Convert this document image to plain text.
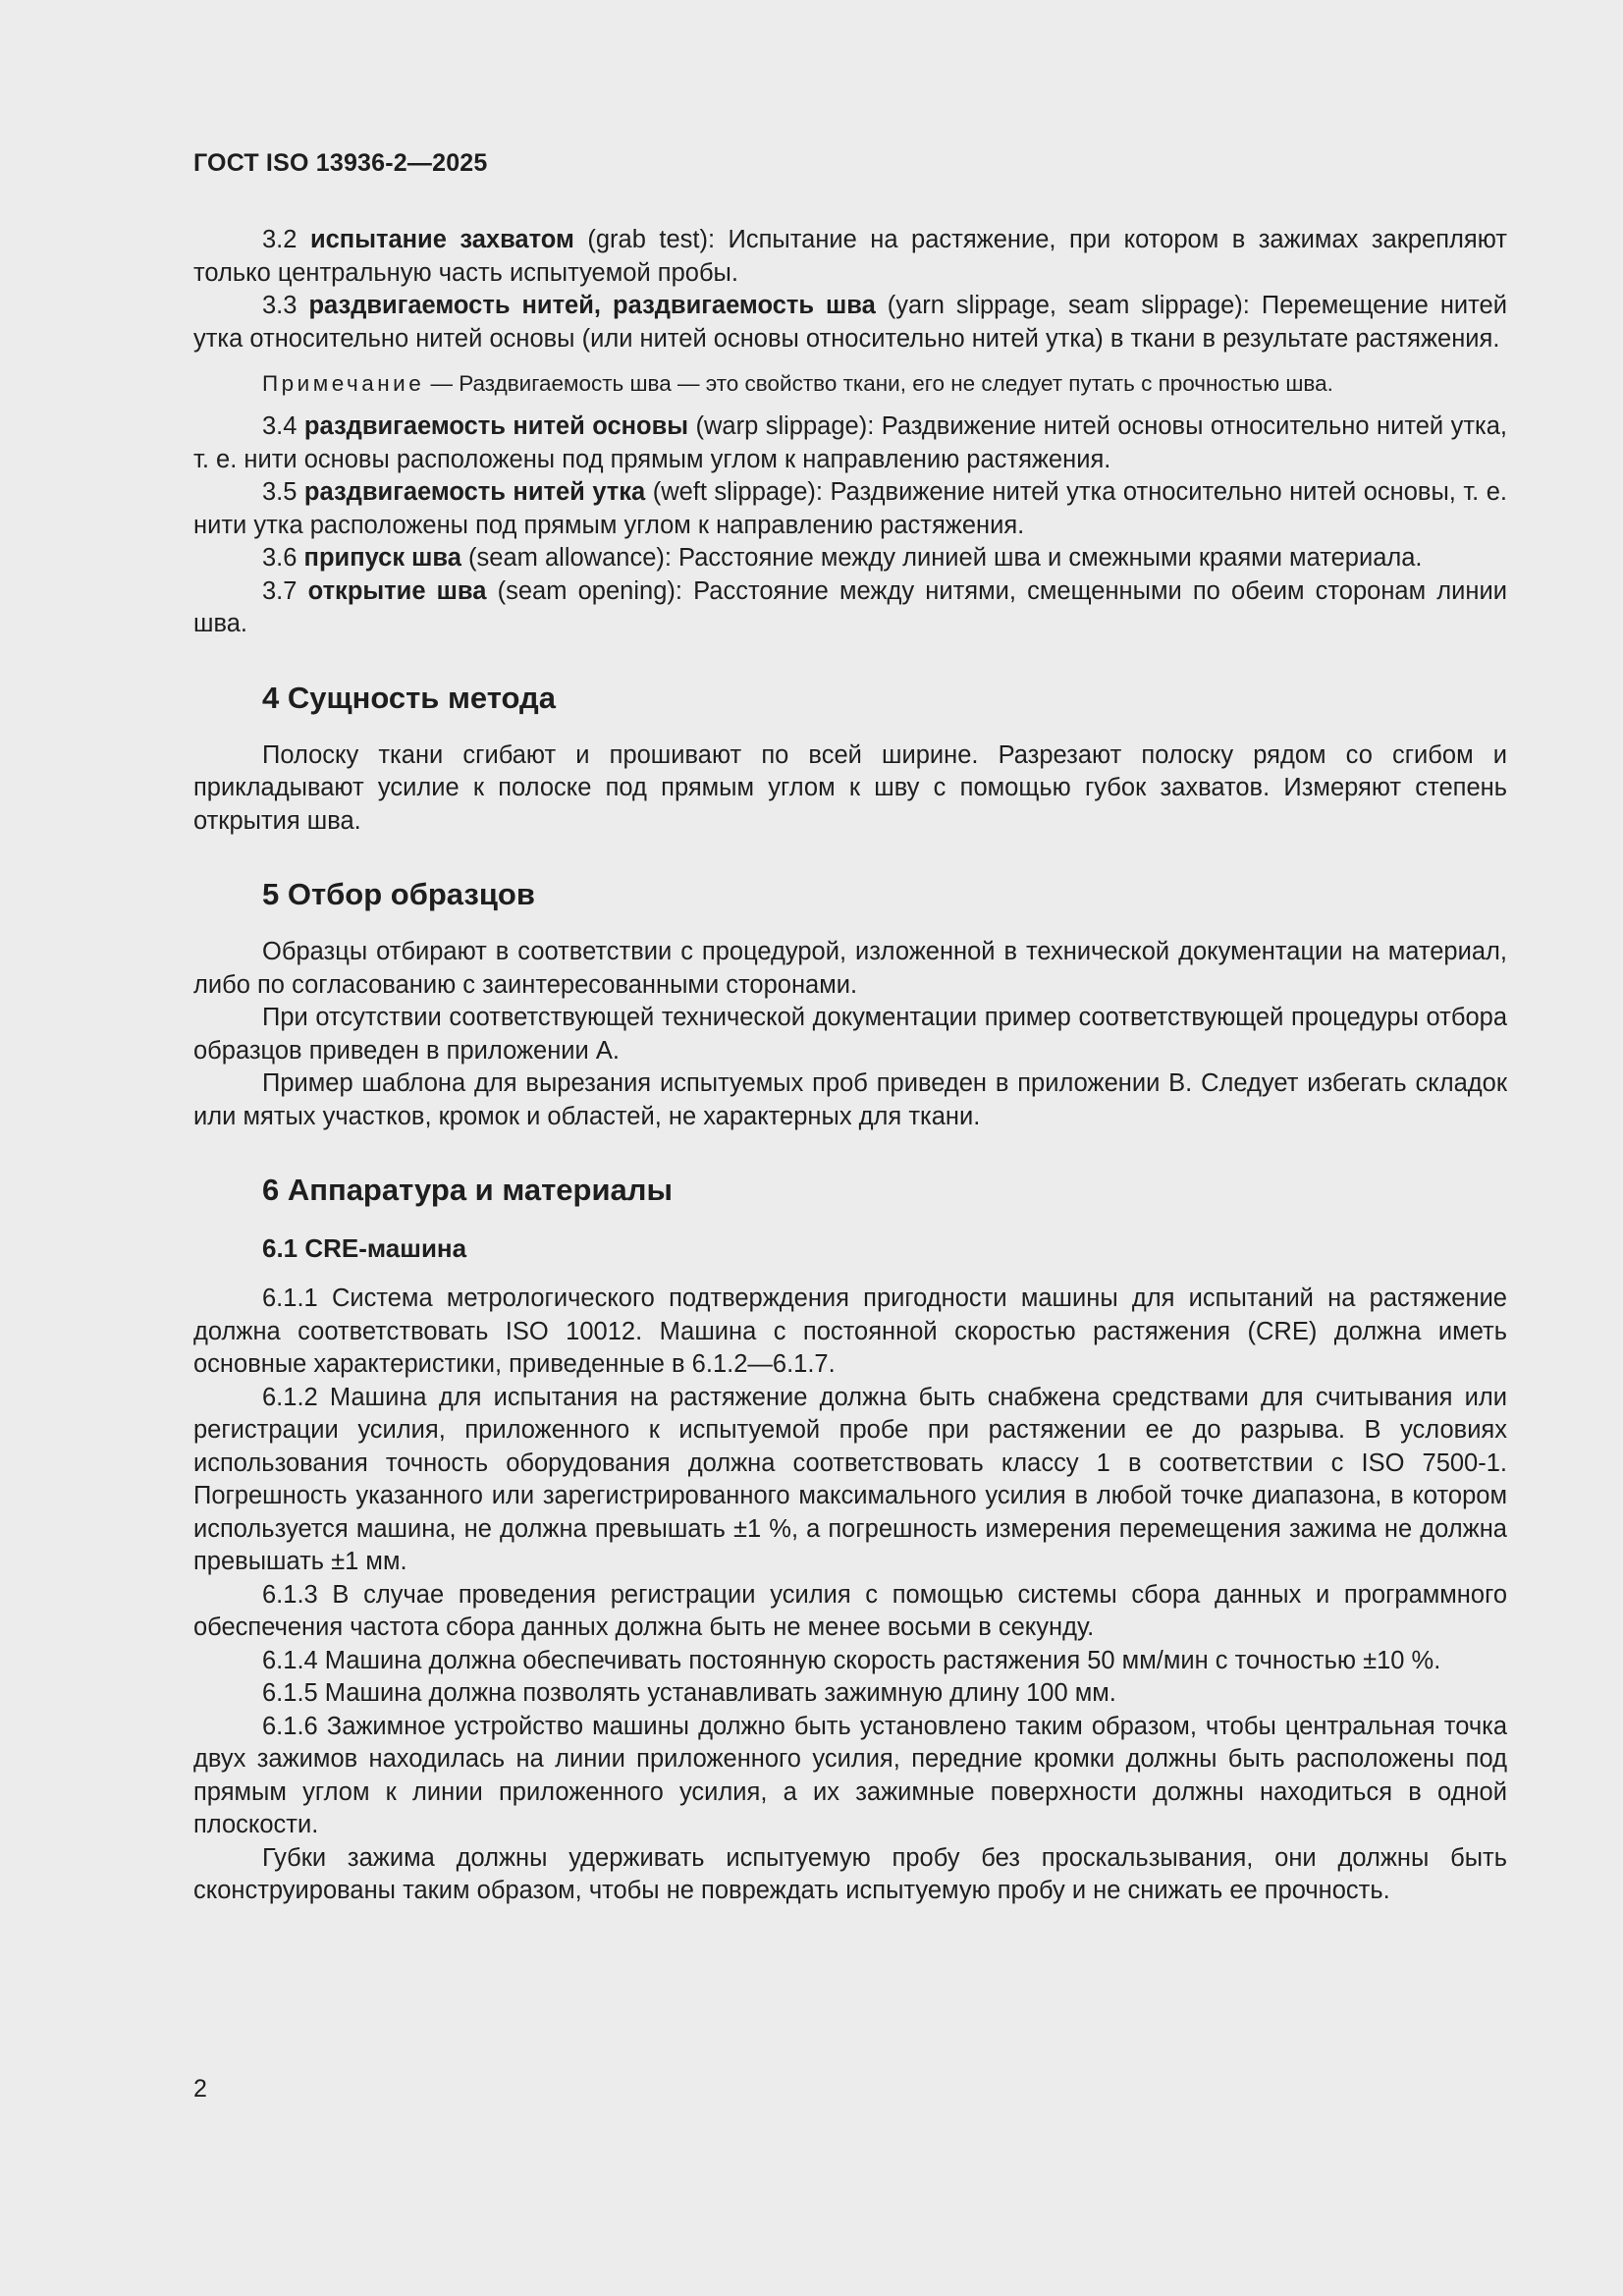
ГОСТ ISO 13936-2—2025

3.2 испытание захватом (grab test): Испытание на растяжение, при котором в зажимах закрепляют только центральную часть испытуемой пробы.

3.3 раздвигаемость нитей, раздвигаемость шва (yarn slippage, seam slippage): Перемещение нитей утка относительно нитей основы (или нитей основы относительно нитей утка) в ткани в результате растяжения.

Примечание — Раздвигаемость шва — это свойство ткани, его не следует путать с прочностью шва.

3.4 раздвигаемость нитей основы (warp slippage): Раздвижение нитей основы относительно нитей утка, т. е. нити основы расположены под прямым углом к направлению растяжения.

3.5 раздвигаемость нитей утка (weft slippage): Раздвижение нитей утка относительно нитей основы, т. е. нити утка расположены под прямым углом к направлению растяжения.

3.6 припуск шва (seam allowance): Расстояние между линией шва и смежными краями материала.

3.7 открытие шва (seam opening): Расстояние между нитями, смещенными по обеим сторонам линии шва.

4 Сущность метода

Полоску ткани сгибают и прошивают по всей ширине. Разрезают полоску рядом со сгибом и прикладывают усилие к полоске под прямым углом к шву с помощью губок захватов. Измеряют степень открытия шва.

5 Отбор образцов

Образцы отбирают в соответствии с процедурой, изложенной в технической документации на материал, либо по согласованию с заинтересованными сторонами.

При отсутствии соответствующей технической документации пример соответствующей процедуры отбора образцов приведен в приложении А.

Пример шаблона для вырезания испытуемых проб приведен в приложении В. Следует избегать складок или мятых участков, кромок и областей, не характерных для ткани.

6 Аппаратура и материалы
6.1 CRE-машина

6.1.1 Система метрологического подтверждения пригодности машины для испытаний на растяжение должна соответствовать ISO 10012. Машина с постоянной скоростью растяжения (CRE) должна иметь основные характеристики, приведенные в 6.1.2—6.1.7.

6.1.2 Машина для испытания на растяжение должна быть снабжена средствами для считывания или регистрации усилия, приложенного к испытуемой пробе при растяжении ее до разрыва. В условиях использования точность оборудования должна соответствовать классу 1 в соответствии с ISO 7500-1. Погрешность указанного или зарегистрированного максимального усилия в любой точке диапазона, в котором используется машина, не должна превышать ±1 %, а погрешность измерения перемещения зажима не должна превышать ±1 мм.

6.1.3 В случае проведения регистрации усилия с помощью системы сбора данных и программного обеспечения частота сбора данных должна быть не менее восьми в секунду.

6.1.4 Машина должна обеспечивать постоянную скорость растяжения 50 мм/мин с точностью ±10 %.

6.1.5 Машина должна позволять устанавливать зажимную длину 100 мм.

6.1.6 Зажимное устройство машины должно быть установлено таким образом, чтобы центральная точка двух зажимов находилась на линии приложенного усилия, передние кромки должны быть расположены под прямым углом к линии приложенного усилия, а их зажимные поверхности должны находиться в одной плоскости.

Губки зажима должны удерживать испытуемую пробу без проскальзывания, они должны быть сконструированы таким образом, чтобы не повреждать испытуемую пробу и не снижать ее прочность.

2
